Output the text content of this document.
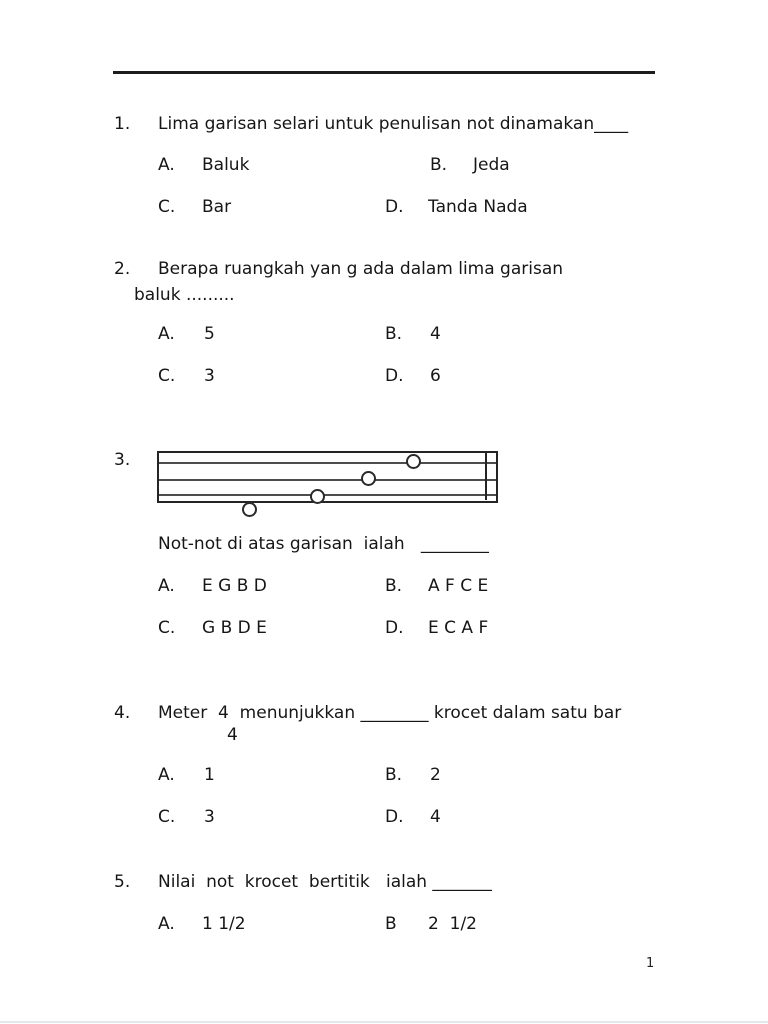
1. Lima garisan selari untuk penulisan not dinamakan____
A. Baluk	B. Jeda
C. Bar	D. Tanda Nada
2. Berapa ruangkah yan g ada dalam lima garisan
baluk .........
A. 5	B. 4
C. 3	D. 6
3.
Not-not di atas garisan  ialah   ________
A. E G B D	B. A F C E
C. G B D E	D. E C A F
4. Meter  4  menunjukkan ________ krocet dalam satu bar
4
A. 1	B. 2
C. 3	D. 4
5. Nilai  not  krocet  bertitik   ialah _______
A. 1 1/2	B 2  1/2
1
